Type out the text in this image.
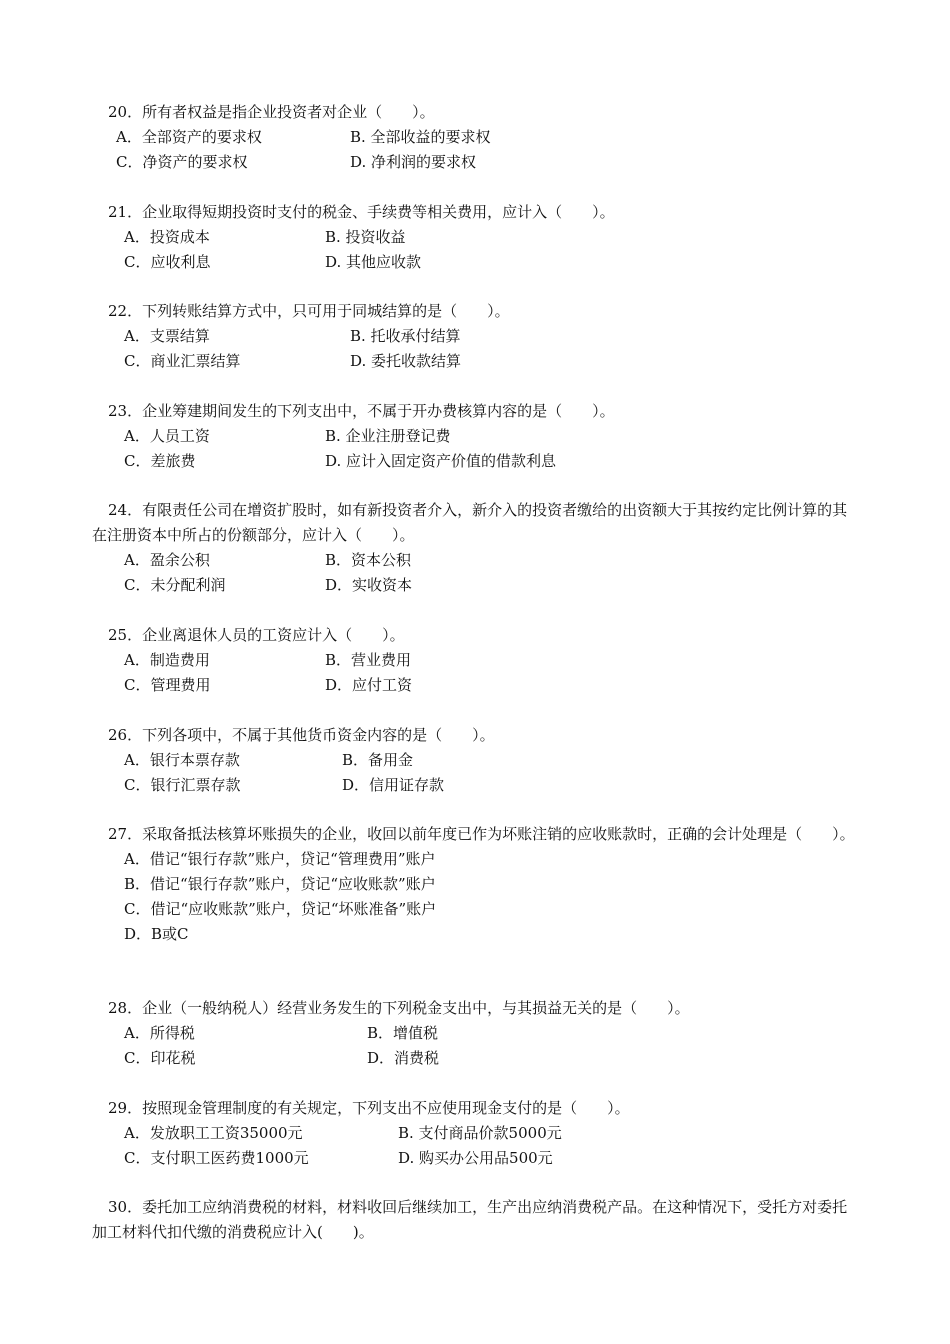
20．所有者权益是指企业投资者对企业（　　）。

A．全部资产的要求权	B. 全部收益的要求权
C．净资产的要求权	D. 净利润的要求权

21．企业取得短期投资时支付的税金、手续费等相关费用，应计入（　　）。

A．投资成本	B. 投资收益
C．应收利息	D. 其他应收款

22．下列转账结算方式中，只可用于同城结算的是（　　）。

A．支票结算	B. 托收承付结算
C．商业汇票结算	D. 委托收款结算

23．企业筹建期间发生的下列支出中，不属于开办费核算内容的是（　　）。

A．人员工资	B. 企业注册登记费
C．差旅费	D. 应计入固定资产价值的借款利息

24．有限责任公司在增资扩股时，如有新投资者介入，新介入的投资者缴给的出资额大于其按约定比例计算的其在注册资本中所占的份额部分，应计入（　　）。

A．盈余公积	B．资本公积
C．未分配利润	D．实收资本

25．企业离退休人员的工资应计入（　　）。

A．制造费用	B．营业费用
C．管理费用	D．应付工资

26．下列各项中，不属于其他货币资金内容的是（　　）。

A．银行本票存款	B．备用金
C．银行汇票存款	D．信用证存款

27．采取备抵法核算坏账损失的企业，收回以前年度已作为坏账注销的应收账款时，正确的会计处理是（　　）。

A．借记“银行存款”账户，贷记“管理费用”账户
B．借记“银行存款”账户，贷记“应收账款”账户
C．借记“应收账款”账户，贷记“坏账准备”账户
D．B或C

28．企业（一般纳税人）经营业务发生的下列税金支出中，与其损益无关的是（　　）。

A．所得税	B．增值税
C．印花税	D．消费税

29．按照现金管理制度的有关规定，下列支出不应使用现金支付的是（　　）。

A．发放职工工资35000元	B. 支付商品价款5000元
C．支付职工医药费1000元	D. 购买办公用品500元

30．委托加工应纳消费税的材料，材料收回后继续加工，生产出应纳消费税产品。在这种情况下，受托方对委托加工材料代扣代缴的消费税应计入(　　)。
